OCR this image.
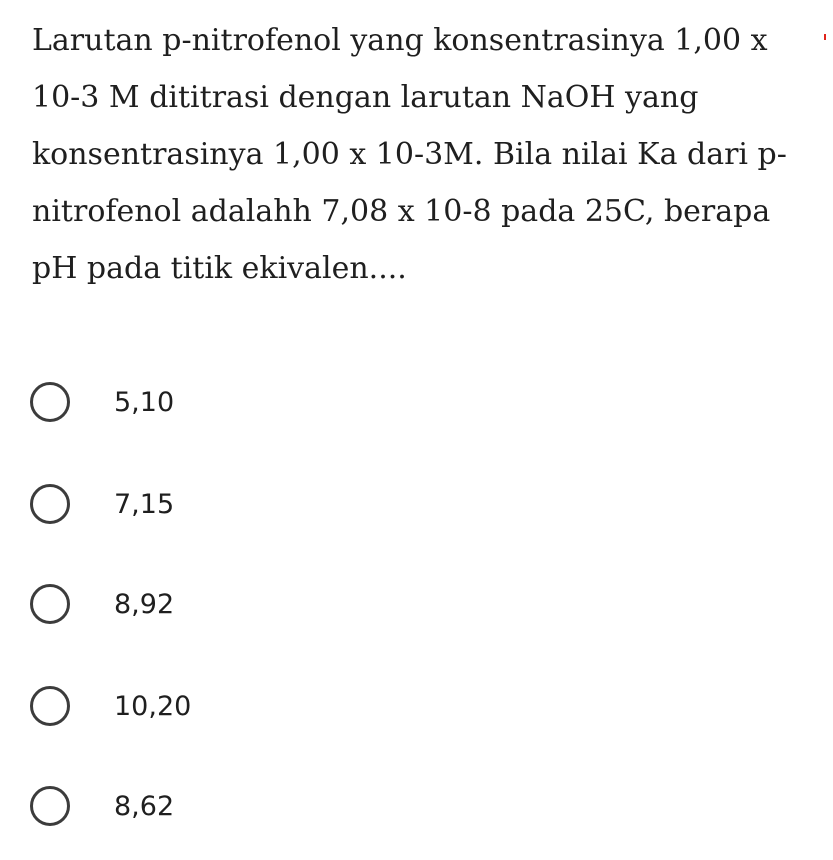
Larutan p-nitrofenol yang konsentrasinya 1,00 x 10-3 M dititrasi dengan larutan NaOH yang konsentrasinya 1,00 x 10-3M. Bila nilai Ka dari p-nitrofenol adalahh 7,08 x 10-8 pada 25C, berapa pH pada titik ekivalen....

5,10
7,15
8,92
10,20
8,62
